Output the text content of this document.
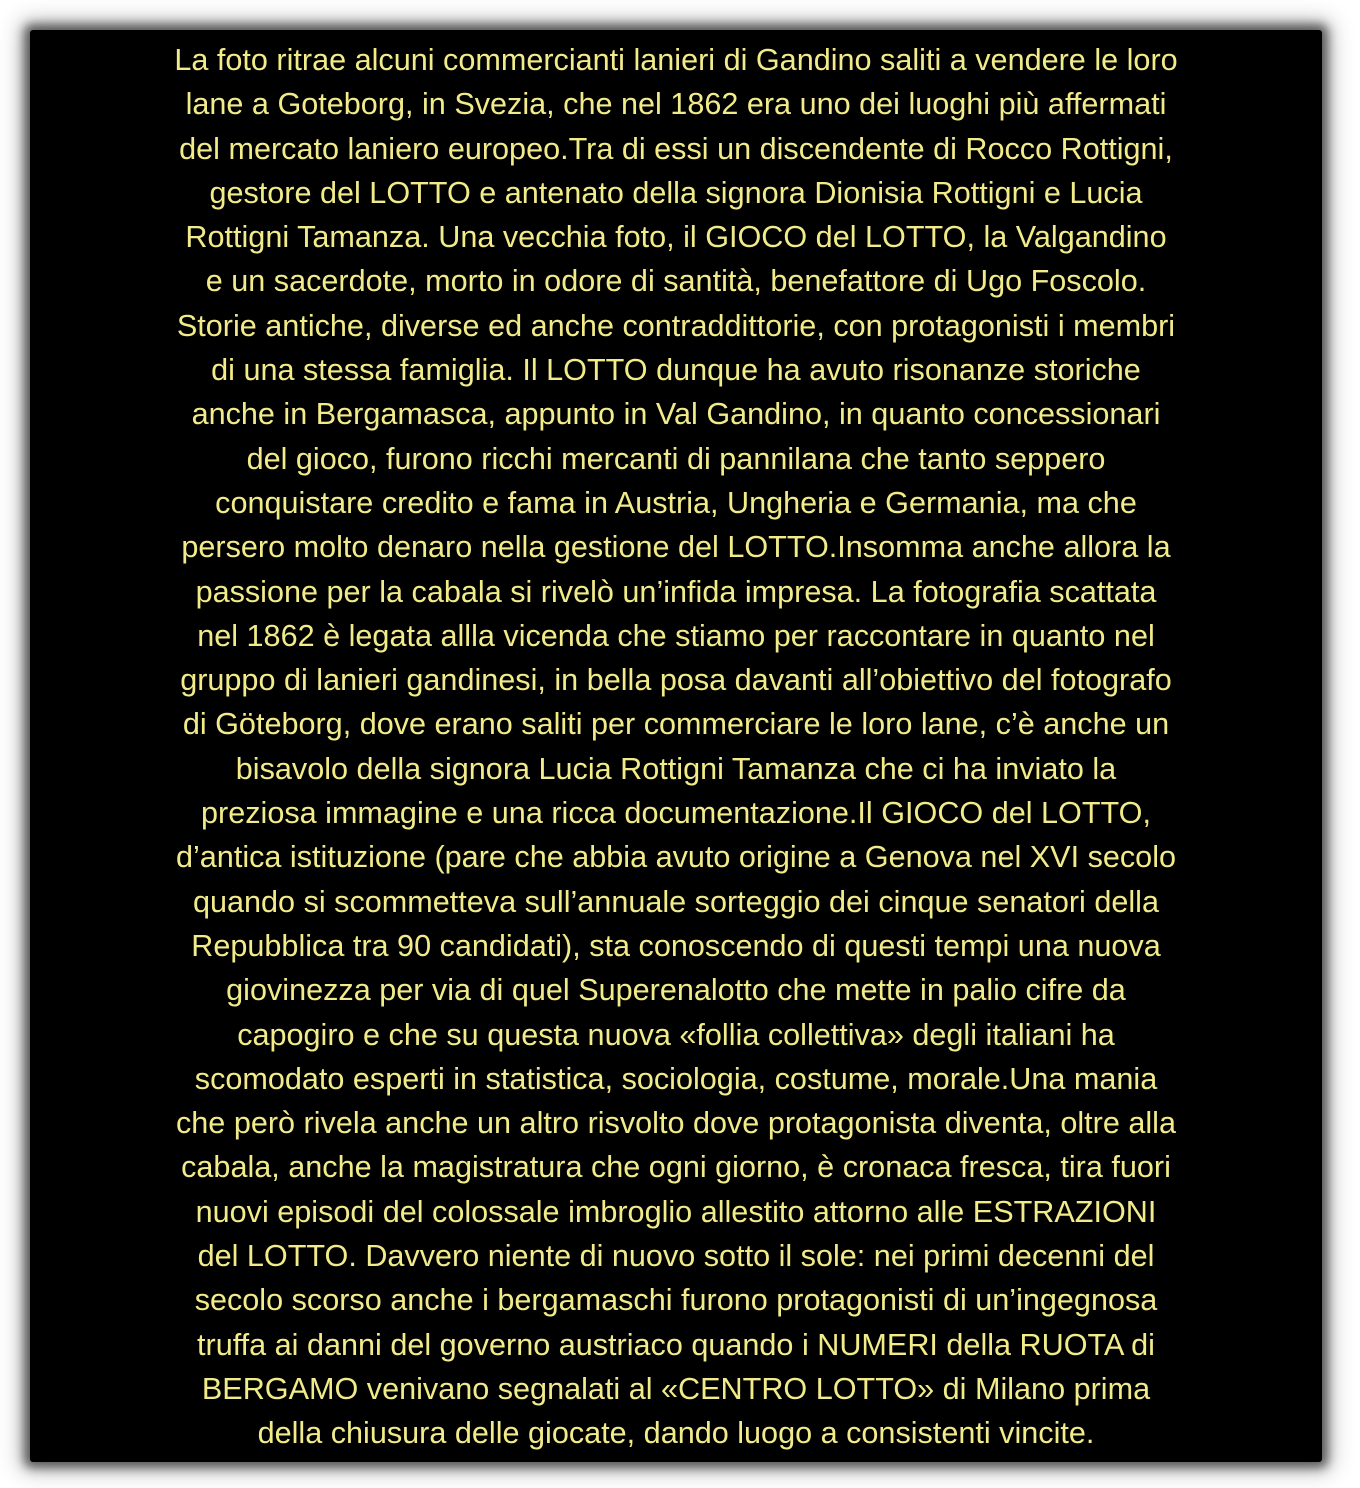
La foto ritrae alcuni commercianti lanieri di Gandino saliti a vendere le loro
lane a Goteborg, in Svezia, che nel 1862 era uno dei luoghi più affermati
del mercato laniero europeo.Tra di essi un discendente di Rocco Rottigni,
gestore del LOTTO e antenato della signora Dionisia Rottigni e Lucia
Rottigni Tamanza. Una vecchia foto, il GIOCO del LOTTO, la Valgandino
e un sacerdote, morto in odore di santità, benefattore di Ugo Foscolo.
Storie antiche, diverse ed anche contraddittorie, con protagonisti i membri
di una stessa famiglia. Il LOTTO dunque ha avuto risonanze storiche
anche in Bergamasca, appunto in Val Gandino, in quanto concessionari
del gioco, furono ricchi mercanti di pannilana che tanto seppero
conquistare credito e fama in Austria, Ungheria e Germania, ma che
persero molto denaro nella gestione del LOTTO.Insomma anche allora la
passione per la cabala si rivelò un’infida impresa. La fotografia scattata
nel 1862 è legata allla vicenda che stiamo per raccontare in quanto nel
gruppo di lanieri gandinesi, in bella posa davanti all’obiettivo del fotografo
di Göteborg, dove erano saliti per commerciare le loro lane, c’è anche un
bisavolo della signora Lucia Rottigni Tamanza che ci ha inviato la
preziosa immagine e una ricca documentazione.Il GIOCO del LOTTO,
d’antica istituzione (pare che abbia avuto origine a Genova nel XVI secolo
quando si scommetteva sull’annuale sorteggio dei cinque senatori della
Repubblica tra 90 candidati), sta conoscendo di questi tempi una nuova
giovinezza per via di quel Superenalotto che mette in palio cifre da
capogiro e che su questa nuova «follia collettiva» degli italiani ha
scomodato esperti in statistica, sociologia, costume, morale.Una mania
che però rivela anche un altro risvolto dove protagonista diventa, oltre alla
cabala, anche la magistratura che ogni giorno, è cronaca fresca, tira fuori
nuovi episodi del colossale imbroglio allestito attorno alle ESTRAZIONI
del LOTTO. Davvero niente di nuovo sotto il sole: nei primi decenni del
secolo scorso anche i bergamaschi furono protagonisti di un’ingegnosa
truffa ai danni del governo austriaco quando i NUMERI della RUOTA di
BERGAMO venivano segnalati al «CENTRO LOTTO» di Milano prima
della chiusura delle giocate, dando luogo a consistenti vincite.
